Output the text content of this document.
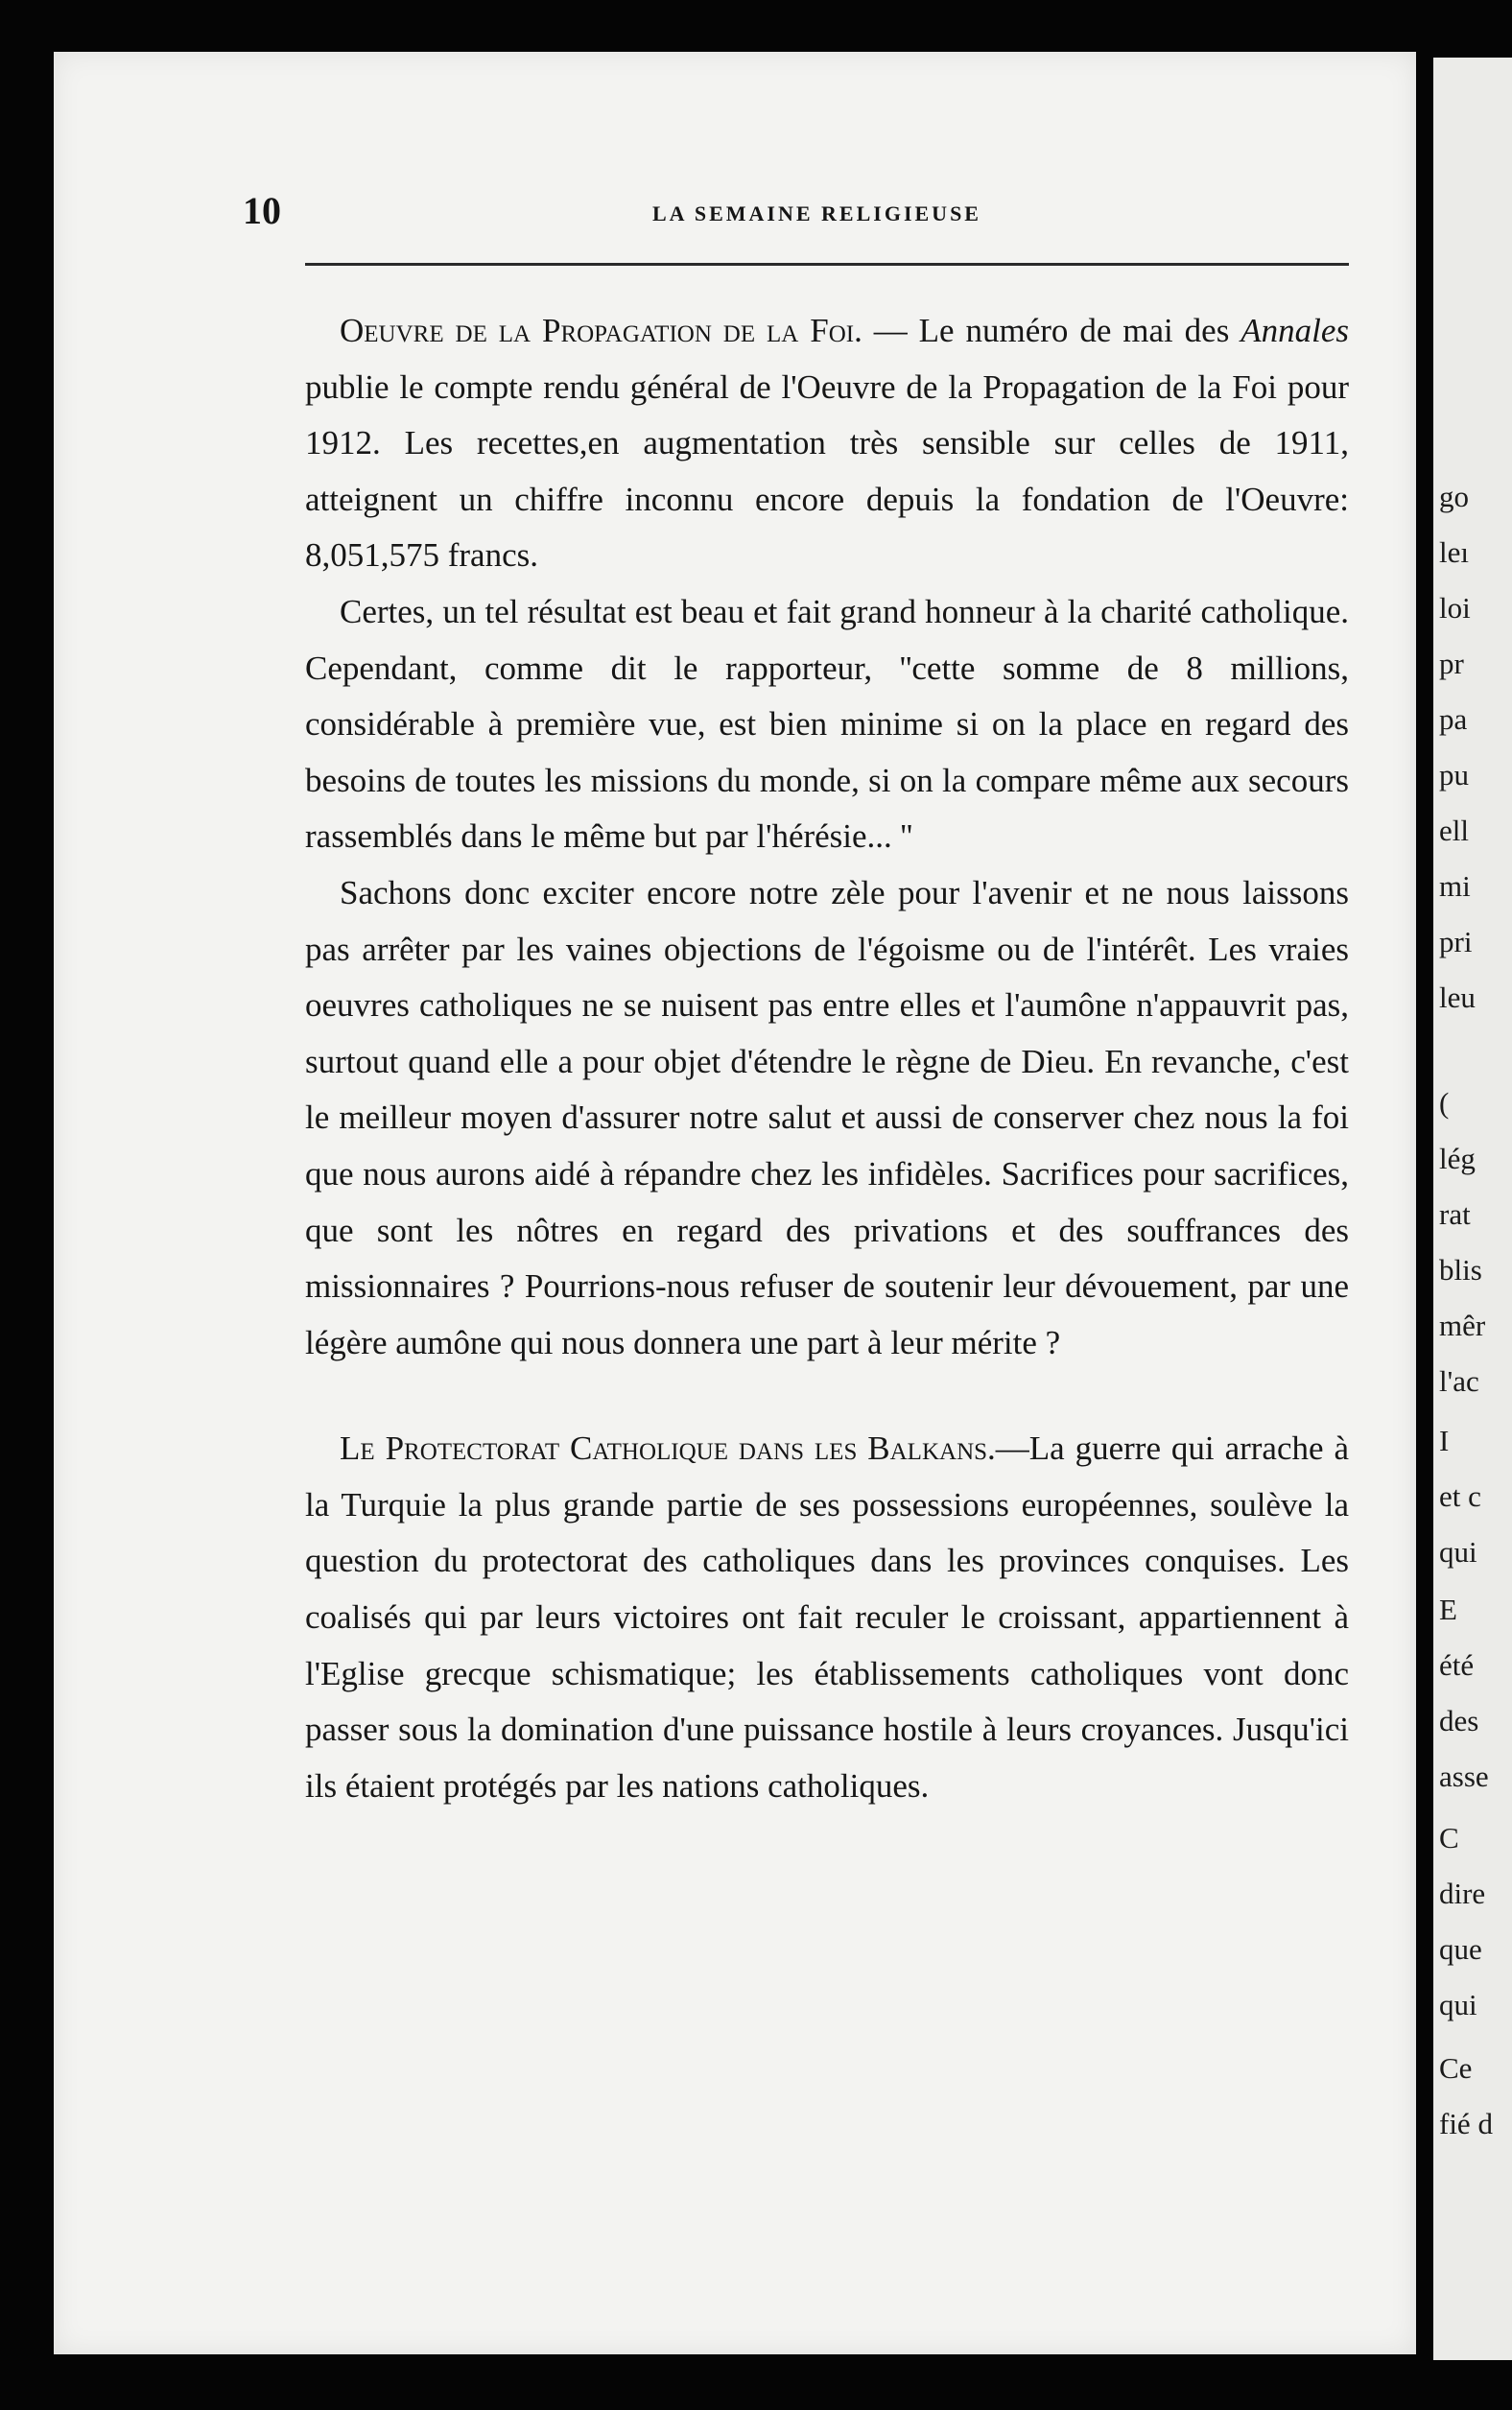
go
leı
loi
pr
pa
pu
ell
mi
pri
leu
(
lég
rat
blis
mêr
l'ac
I
et c
qui
E
été
des
asse
C
dire
que
qui
Ce
fié d
10	LA SEMAINE RELIGIEUSE

Oeuvre de la Propagation de la Foi. — Le numéro de mai des Annales publie le compte rendu général de l'Oeuvre de la Propagation de la Foi pour 1912. Les recettes,en augmentation très sensible sur celles de 1911, atteignent un chiffre inconnu encore depuis la fondation de l'Oeuvre: 8,051,575 francs.

Certes, un tel résultat est beau et fait grand honneur à la charité catholique. Cependant, comme dit le rapporteur, ''cette somme de 8 millions, considérable à première vue, est bien minime si on la place en regard des besoins de toutes les missions du monde, si on la compare même aux secours rassemblés dans le même but par l'hérésie... ''

Sachons donc exciter encore notre zèle pour l'avenir et ne nous laissons pas arrêter par les vaines objections de l'égoisme ou de l'intérêt. Les vraies oeuvres catholiques ne se nuisent pas entre elles et l'aumône n'appauvrit pas, surtout quand elle a pour objet d'étendre le règne de Dieu. En revanche, c'est le meilleur moyen d'assurer notre salut et aussi de conserver chez nous la foi que nous aurons aidé à répandre chez les infidèles. Sacrifices pour sacrifices, que sont les nôtres en regard des privations et des souffrances des missionnaires ? Pourrions-nous refuser de soutenir leur dévouement, par une légère aumône qui nous donnera une part à leur mérite ?

Le Protectorat Catholique dans les Balkans.—La guerre qui arrache à la Turquie la plus grande partie de ses possessions européennes, soulève la question du protectorat des catholiques dans les provinces conquises. Les coalisés qui par leurs victoires ont fait reculer le croissant, appartiennent à l'Eglise grecque schismatique; les établissements catholiques vont donc passer sous la domination d'une puissance hostile à leurs croyances. Jusqu'ici ils étaient protégés par les nations catholiques.
